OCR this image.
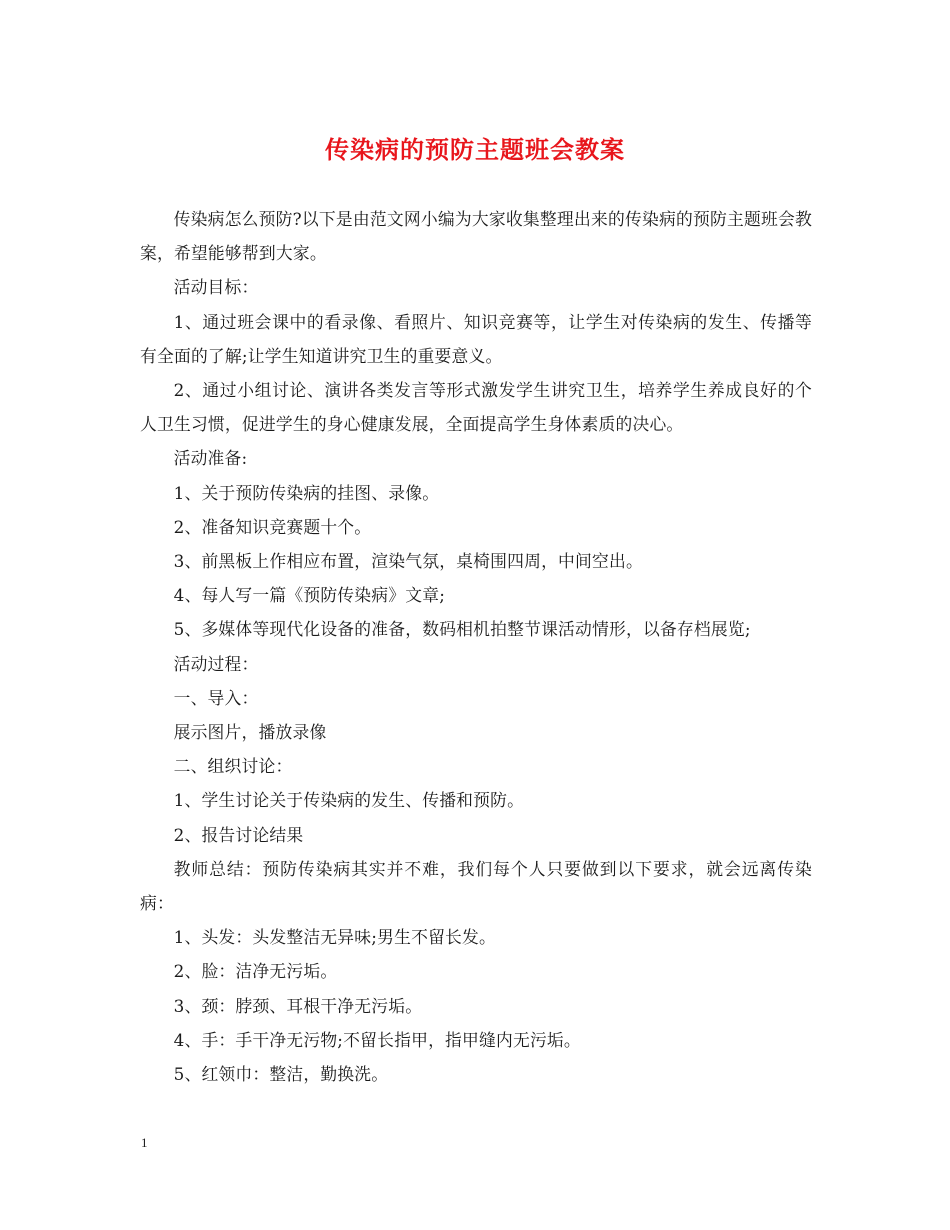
传染病的预防主题班会教案

传染病怎么预防?以下是由范文网小编为大家收集整理出来的传染病的预防主题班会教案，希望能够帮到大家。

活动目标：

1、通过班会课中的看录像、看照片、知识竞赛等，让学生对传染病的发生、传播等有全面的了解;让学生知道讲究卫生的重要意义。

2、通过小组讨论、演讲各类发言等形式激发学生讲究卫生，培养学生养成良好的个人卫生习惯，促进学生的身心健康发展，全面提高学生身体素质的决心。

活动准备:

1、关于预防传染病的挂图、录像。

2、准备知识竞赛题十个。

3、前黑板上作相应布置，渲染气氛，桌椅围四周，中间空出。

4、每人写一篇《预防传染病》文章;

5、多媒体等现代化设备的准备，数码相机拍整节课活动情形，以备存档展览;

活动过程：

一、导入：

展示图片，播放录像

二、组织讨论：

1、学生讨论关于传染病的发生、传播和预防。

2、报告讨论结果

教师总结：预防传染病其实并不难，我们每个人只要做到以下要求，就会远离传染病：

1、头发：头发整洁无异味;男生不留长发。

2、脸：洁净无污垢。

3、颈：脖颈、耳根干净无污垢。

4、手：手干净无污物;不留长指甲，指甲缝内无污垢。

5、红领巾：整洁，勤换洗。

1
